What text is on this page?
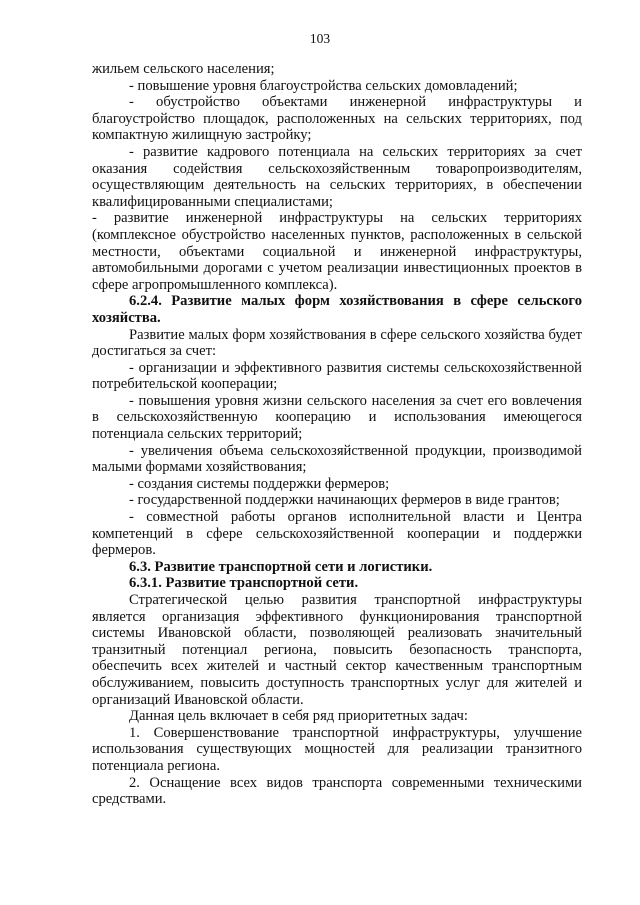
103

жильем сельского населения;

- повышение уровня благоустройства сельских домовладений;

- обустройство объектами инженерной инфраструктуры и благоустройство площадок, расположенных на сельских территориях, под компактную жилищную застройку;

- развитие кадрового потенциала на сельских территориях за счет оказания содействия сельскохозяйственным товаропроизводителям, осуществляющим деятельность на сельских территориях, в обеспечении квалифицированными специалистами;

- развитие инженерной инфраструктуры на сельских территориях (комплексное обустройство населенных пунктов, расположенных в сельской местности, объектами социальной и инженерной инфраструктуры, автомобильными дорогами с учетом реализации инвестиционных проектов в сфере агропромышленного комплекса).

6.2.4. Развитие малых форм хозяйствования в сфере сельского хозяйства.

Развитие малых форм хозяйствования в сфере сельского хозяйства будет достигаться за счет:

- организации и эффективного развития системы сельскохозяйственной потребительской кооперации;

- повышения уровня жизни сельского населения за счет его вовлечения в сельскохозяйственную кооперацию и использования имеющегося потенциала сельских территорий;

- увеличения объема сельскохозяйственной продукции, производимой малыми формами хозяйствования;

- создания системы поддержки фермеров;

- государственной поддержки начинающих фермеров в виде грантов;

- совместной работы органов исполнительной власти и Центра компетенций в сфере сельскохозяйственной кооперации и поддержки фермеров.

6.3. Развитие транспортной сети и логистики.

6.3.1. Развитие транспортной сети.

Стратегической целью развития транспортной инфраструктуры является организация эффективного функционирования транспортной системы Ивановской области, позволяющей реализовать значительный транзитный потенциал региона, повысить безопасность транспорта, обеспечить всех жителей и частный сектор качественным транспортным обслуживанием, повысить доступность транспортных услуг для жителей и организаций Ивановской области.

Данная цель включает в себя ряд приоритетных задач:

1. Совершенствование транспортной инфраструктуры, улучшение использования существующих мощностей для реализации транзитного потенциала региона.

2. Оснащение всех видов транспорта современными техническими средствами.
